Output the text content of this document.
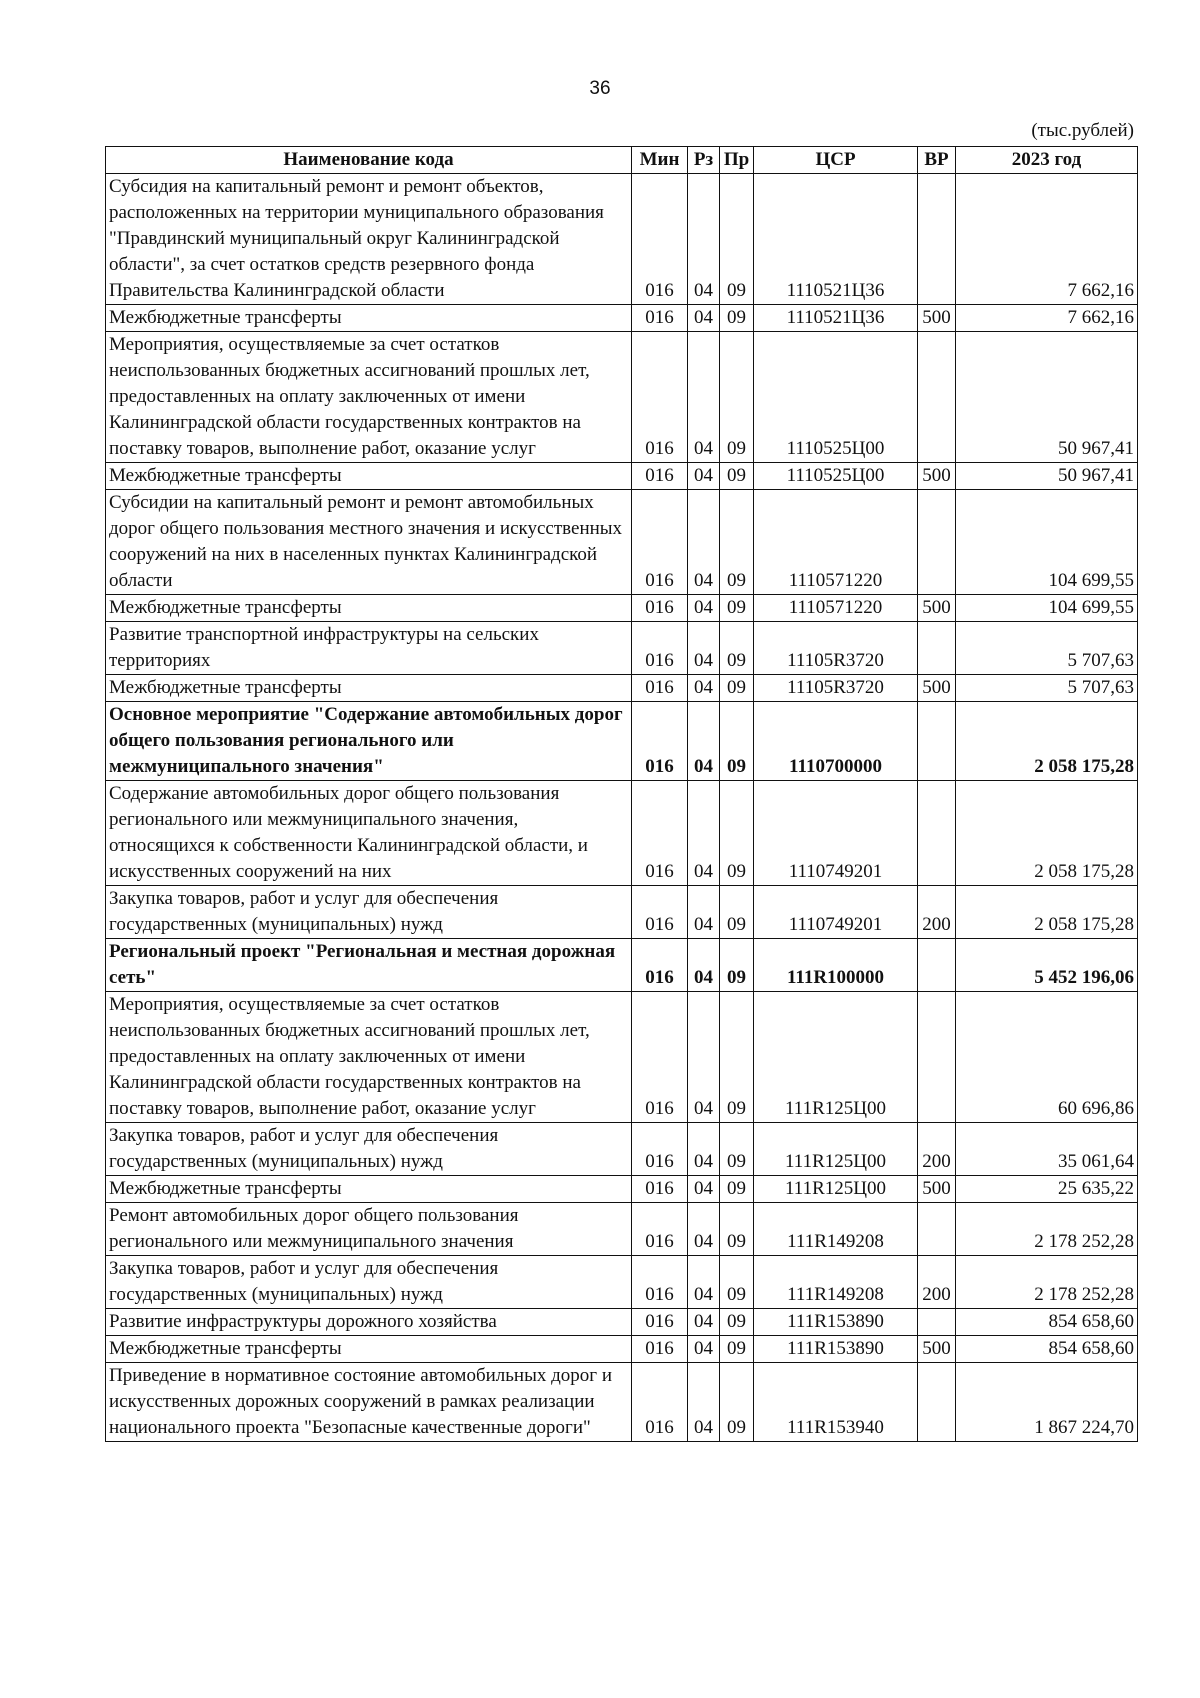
36
(тыс.рублей)
Наименование кода	Мин	Рз	Пр	ЦСР	ВР	2023 год
Субсидия на капитальный ремонт и ремонт объектов, расположенных на территории муниципального образования "Правдинский муниципальный округ Калининградской области", за счет остатков средств резервного фонда Правительства Калининградской области	016	04	09	1110521Ц36		7 662,16
Межбюджетные трансферты	016	04	09	1110521Ц36	500	7 662,16
Мероприятия, осуществляемые за счет остатков неиспользованных бюджетных ассигнований прошлых лет, предоставленных на оплату заключенных от имени Калининградской области государственных контрактов на поставку товаров, выполнение работ, оказание услуг	016	04	09	1110525Ц00		50 967,41
Межбюджетные трансферты	016	04	09	1110525Ц00	500	50 967,41
Субсидии на капитальный ремонт и ремонт автомобильных дорог общего пользования местного значения и искусственных сооружений на них в населенных пунктах Калининградской области	016	04	09	1110571220		104 699,55
Межбюджетные трансферты	016	04	09	1110571220	500	104 699,55
Развитие транспортной инфраструктуры на сельских территориях	016	04	09	11105R3720		5 707,63
Межбюджетные трансферты	016	04	09	11105R3720	500	5 707,63
Основное мероприятие "Содержание автомобильных дорог общего пользования регионального или межмуниципального значения"	016	04	09	1110700000		2 058 175,28
Содержание автомобильных дорог общего пользования регионального или межмуниципального значения, относящихся к собственности Калининградской области, и искусственных сооружений на них	016	04	09	1110749201		2 058 175,28
Закупка товаров, работ и услуг для обеспечения государственных (муниципальных) нужд	016	04	09	1110749201	200	2 058 175,28
Региональный проект "Региональная и местная дорожная сеть"	016	04	09	111R100000		5 452 196,06
Мероприятия, осуществляемые за счет остатков неиспользованных бюджетных ассигнований прошлых лет, предоставленных на оплату заключенных от имени Калининградской области государственных контрактов на поставку товаров, выполнение работ, оказание услуг	016	04	09	111R125Ц00		60 696,86
Закупка товаров, работ и услуг для обеспечения государственных (муниципальных) нужд	016	04	09	111R125Ц00	200	35 061,64
Межбюджетные трансферты	016	04	09	111R125Ц00	500	25 635,22
Ремонт автомобильных дорог общего пользования регионального или межмуниципального значения	016	04	09	111R149208		2 178 252,28
Закупка товаров, работ и услуг для обеспечения государственных (муниципальных) нужд	016	04	09	111R149208	200	2 178 252,28
Развитие инфраструктуры дорожного хозяйства	016	04	09	111R153890		854 658,60
Межбюджетные трансферты	016	04	09	111R153890	500	854 658,60
Приведение в нормативное состояние автомобильных дорог и искусственных дорожных сооружений в рамках реализации национального проекта "Безопасные качественные дороги"	016	04	09	111R153940		1 867 224,70
